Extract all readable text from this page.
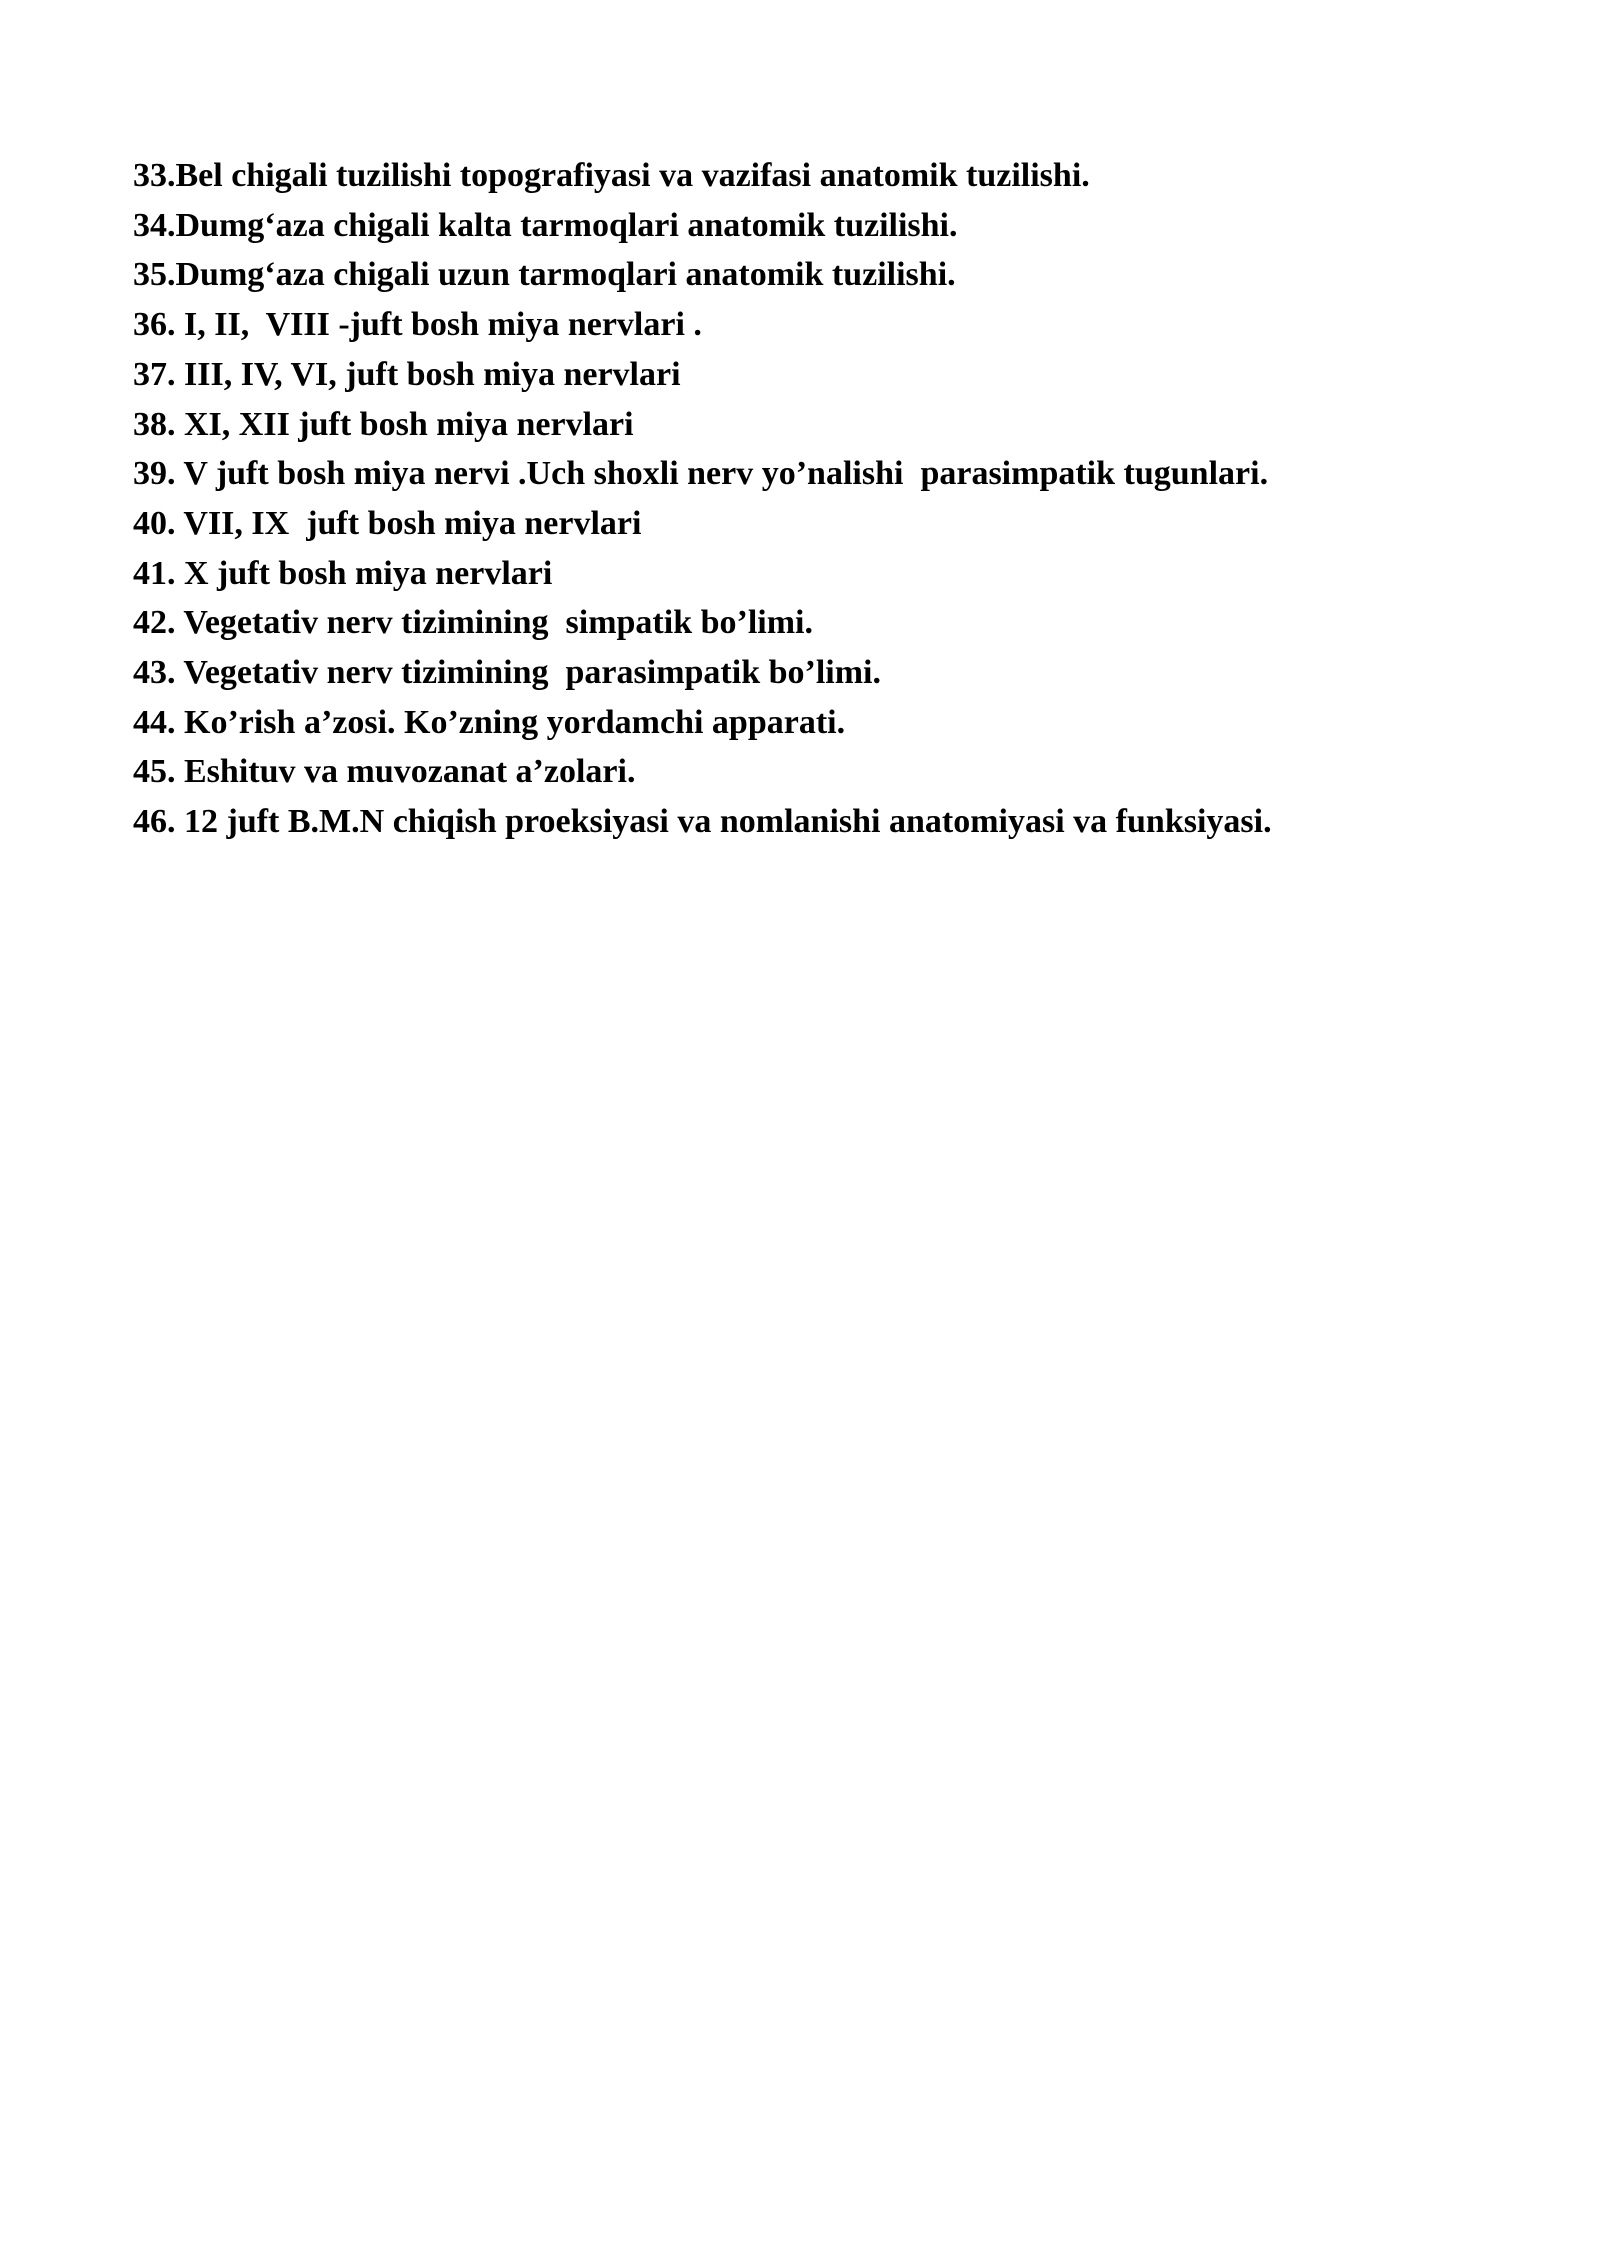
33.Bel chigali tuzilishi topografiyasi va vazifasi anatomik tuzilishi.
34.Dumg‘aza chigali kalta tarmoqlari anatomik tuzilishi.
35.Dumg‘aza chigali uzun tarmoqlari anatomik tuzilishi.
36. I, II,  VIII -juft bosh miya nervlari .
37. III, IV, VI, juft bosh miya nervlari
38. XI, XII juft bosh miya nervlari
39. V juft bosh miya nervi .Uch shoxli nerv yo’nalishi  parasimpatik tugunlari.
40. VII, IX  juft bosh miya nervlari
41. X juft bosh miya nervlari
42. Vegetativ nerv tizimining  simpatik bo’limi.
43. Vegetativ nerv tizimining  parasimpatik bo’limi.
44. Ko’rish a’zosi. Ko’zning yordamchi apparati.
45. Eshituv va muvozanat a’zolari.
46. 12 juft B.M.N chiqish proeksiyasi va nomlanishi anatomiyasi va funksiyasi.
